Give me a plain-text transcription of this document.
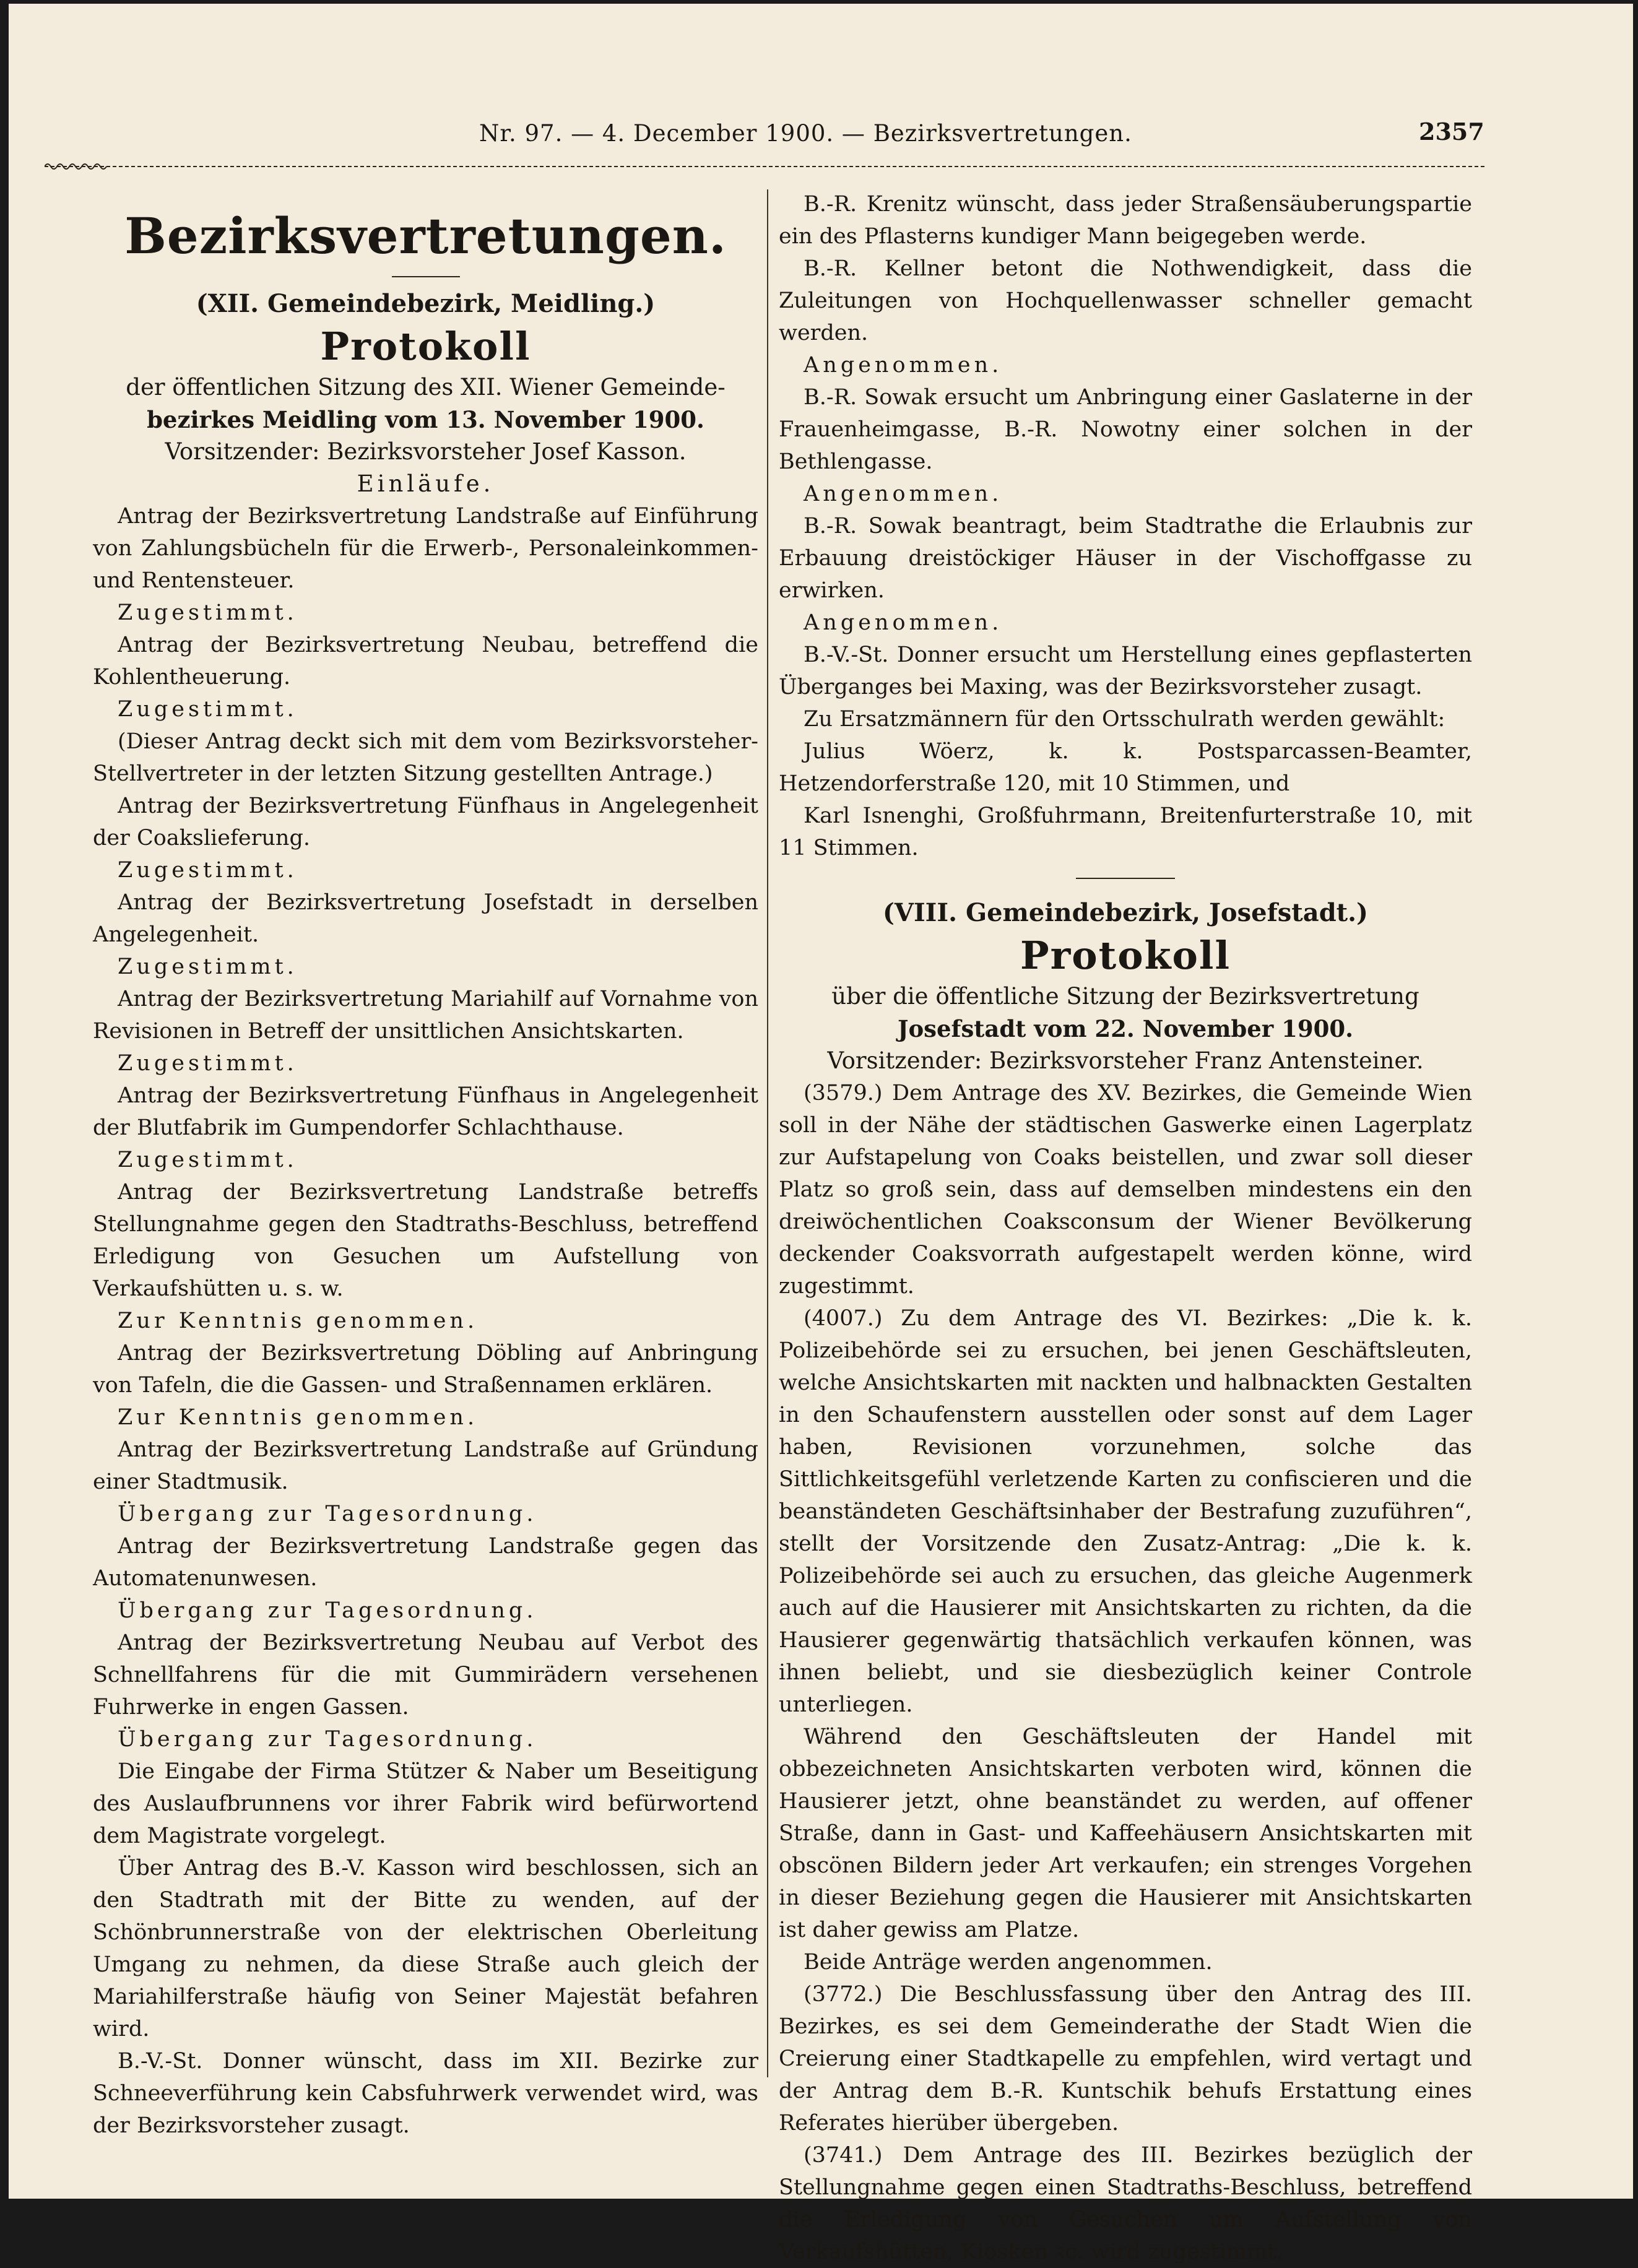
Nr. 97. — 4. December 1900. — Bezirksvertretungen.	2357
Bezirksvertretungen.
(XII. Gemeindebezirk, Meidling.)
Protokoll
der öffentlichen Sitzung des XII. Wiener Gemeinde-
bezirkes Meidling vom 13. November 1900.
Vorsitzender: Bezirksvorsteher Josef Kasson.
Einläufe.

Antrag der Bezirksvertretung Landstraße auf Einführung von Zahlungsbücheln für die Erwerb-, Personaleinkommen- und Rentensteuer.

Zugestimmt.

Antrag der Bezirksvertretung Neubau, betreffend die Kohlentheuerung.

Zugestimmt.

(Dieser Antrag deckt sich mit dem vom Bezirksvorsteher-Stellvertreter in der letzten Sitzung gestellten Antrage.)

Antrag der Bezirksvertretung Fünfhaus in Angelegenheit der Coakslieferung.

Zugestimmt.

Antrag der Bezirksvertretung Josefstadt in derselben Angelegenheit.

Zugestimmt.

Antrag der Bezirksvertretung Mariahilf auf Vornahme von Revisionen in Betreff der unsittlichen Ansichtskarten.

Zugestimmt.

Antrag der Bezirksvertretung Fünfhaus in Angelegenheit der Blutfabrik im Gumpendorfer Schlachthause.

Zugestimmt.

Antrag der Bezirksvertretung Landstraße betreffs Stellungnahme gegen den Stadtraths-Beschluss, betreffend Erledigung von Gesuchen um Aufstellung von Verkaufshütten u. s. w.

Zur Kenntnis genommen.

Antrag der Bezirksvertretung Döbling auf Anbringung von Tafeln, die die Gassen- und Straßennamen erklären.

Zur Kenntnis genommen.

Antrag der Bezirksvertretung Landstraße auf Gründung einer Stadtmusik.

Übergang zur Tagesordnung.

Antrag der Bezirksvertretung Landstraße gegen das Automatenunwesen.

Übergang zur Tagesordnung.

Antrag der Bezirksvertretung Neubau auf Verbot des Schnellfahrens für die mit Gummirädern versehenen Fuhrwerke in engen Gassen.

Übergang zur Tagesordnung.

Die Eingabe der Firma Stützer & Naber um Beseitigung des Auslaufbrunnens vor ihrer Fabrik wird befürwortend dem Magistrate vorgelegt.

Über Antrag des B.-V. Kasson wird beschlossen, sich an den Stadtrath mit der Bitte zu wenden, auf der Schönbrunnerstraße von der elektrischen Oberleitung Umgang zu nehmen, da diese Straße auch gleich der Mariahilferstraße häufig von Seiner Majestät befahren wird.

B.-V.-St. Donner wünscht, dass im XII. Bezirke zur Schneeverführung kein Cabsfuhrwerk verwendet wird, was der Bezirksvorsteher zusagt.

B.-R. Krenitz wünscht, dass jeder Straßensäuberungspartie ein des Pflasterns kundiger Mann beigegeben werde.

B.-R. Kellner betont die Nothwendigkeit, dass die Zuleitungen von Hochquellenwasser schneller gemacht werden.

Angenommen.

B.-R. Sowak ersucht um Anbringung einer Gaslaterne in der Frauenheimgasse, B.-R. Nowotny einer solchen in der Bethlengasse.

Angenommen.

B.-R. Sowak beantragt, beim Stadtrathe die Erlaubnis zur Erbauung dreistöckiger Häuser in der Vischoffgasse zu erwirken.

Angenommen.

B.-V.-St. Donner ersucht um Herstellung eines gepflasterten Überganges bei Maxing, was der Bezirksvorsteher zusagt.

Zu Ersatzmännern für den Ortsschulrath werden gewählt:

Julius Wöerz, k. k. Postsparcassen-Beamter, Hetzendorferstraße 120, mit 10 Stimmen, und

Karl Isnenghi, Großfuhrmann, Breitenfurterstraße 10, mit 11 Stimmen.

(VIII. Gemeindebezirk, Josefstadt.)
Protokoll
über die öffentliche Sitzung der Bezirksvertretung
Josefstadt vom 22. November 1900.
Vorsitzender: Bezirksvorsteher Franz Antensteiner.

(3579.) Dem Antrage des XV. Bezirkes, die Gemeinde Wien soll in der Nähe der städtischen Gaswerke einen Lagerplatz zur Aufstapelung von Coaks beistellen, und zwar soll dieser Platz so groß sein, dass auf demselben mindestens ein den dreiwöchentlichen Coaksconsum der Wiener Bevölkerung deckender Coaksvorrath aufgestapelt werden könne, wird zugestimmt.

(4007.) Zu dem Antrage des VI. Bezirkes: „Die k. k. Polizeibehörde sei zu ersuchen, bei jenen Geschäftsleuten, welche Ansichtskarten mit nackten und halbnackten Gestalten in den Schaufenstern ausstellen oder sonst auf dem Lager haben, Revisionen vorzunehmen, solche das Sittlichkeitsgefühl verletzende Karten zu confiscieren und die beanständeten Geschäftsinhaber der Bestrafung zuzuführen“, stellt der Vorsitzende den Zusatz-Antrag: „Die k. k. Polizeibehörde sei auch zu ersuchen, das gleiche Augenmerk auch auf die Hausierer mit Ansichtskarten zu richten, da die Hausierer gegenwärtig thatsächlich verkaufen können, was ihnen beliebt, und sie diesbezüglich keiner Controle unterliegen.

Während den Geschäftsleuten der Handel mit obbezeichneten Ansichtskarten verboten wird, können die Hausierer jetzt, ohne beanständet zu werden, auf offener Straße, dann in Gast- und Kaffeehäusern Ansichtskarten mit obscönen Bildern jeder Art verkaufen; ein strenges Vorgehen in dieser Beziehung gegen die Hausierer mit Ansichtskarten ist daher gewiss am Platze.

Beide Anträge werden angenommen.

(3772.) Die Beschlussfassung über den Antrag des III. Bezirkes, es sei dem Gemeinderathe der Stadt Wien die Creierung einer Stadtkapelle zu empfehlen, wird vertagt und der Antrag dem B.-R. Kuntschik behufs Erstattung eines Referates hierüber übergeben.

(3741.) Dem Antrage des III. Bezirkes bezüglich der Stellungnahme gegen einen Stadtraths-Beschluss, betreffend die Erledigung von Gesuchen um Aufstellung von Verkaufshütten, Kiosken ꝛc. wird zugestimmt.
